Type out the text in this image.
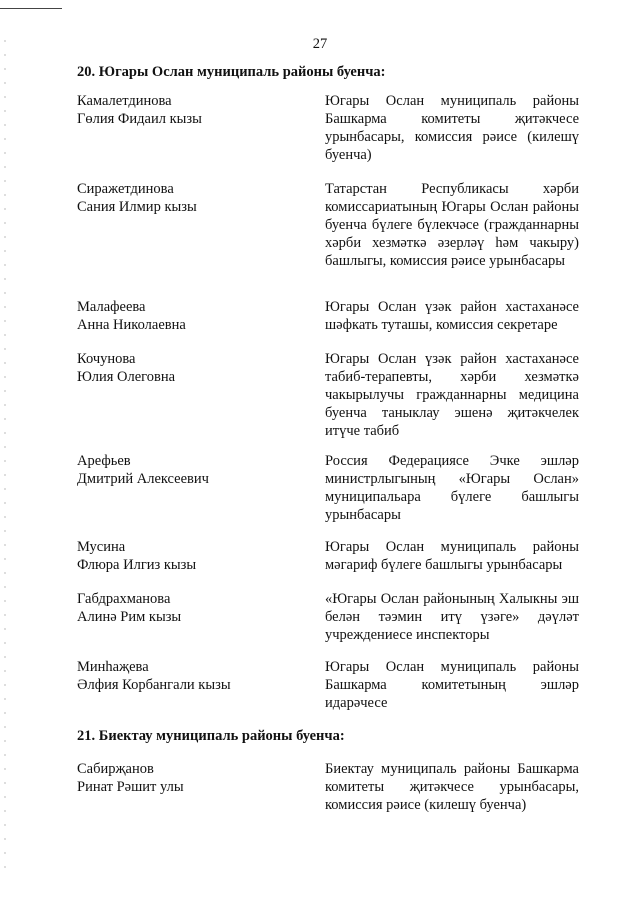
27
20. Югары Ослан муниципаль районы буенча:
Камалетдинова
Гөлия Фидаил кызы
Югары Ослан муниципаль районы Башкарма комитеты җитәкчесе урынбасары, комиссия рәисе (килешү буенча)
Сиражетдинова
Сания Илмир кызы
Татарстан Республикасы хәрби комиссариатының Югары Ослан районы буенча бүлеге бүлекчәсе (гражданнарны хәрби хезмәткә әзерләү һәм чакыру) башлыгы, комиссия рәисе урынбасары
Малафеева
Анна Николаевна
Югары Ослан үзәк район хастаханәсе шәфкать туташы, комиссия секретаре
Кочунова
Юлия Олеговна
Югары Ослан үзәк район хастаханәсе табиб-терапевты, хәрби хезмәткә чакырылучы гражданнарны медицина буенча таныклау эшенә җитәкчелек итүче табиб
Арефьев
Дмитрий Алексеевич
Россия Федерациясе Эчке эшләр министрлыгының «Югары Ослан» муниципальара бүлеге башлыгы урынбасары
Мусина
Флюра Илгиз кызы
Югары Ослан муниципаль районы мәгариф бүлеге башлыгы урынбасары
Габдрахманова
Алинә Рим кызы
«Югары Ослан районының Халыкны эш белән тәэмин итү үзәге» дәүләт учреждениесе инспекторы
Минһаҗева
Әлфия Корбангали кызы
Югары Ослан муниципаль районы Башкарма комитетының эшләр идарәчесе
21. Биектау муниципаль районы буенча:
Сабирҗанов
Ринат Рәшит улы
Биектау муниципаль районы Башкарма комитеты җитәкчесе урынбасары, комиссия рәисе (килешү буенча)
